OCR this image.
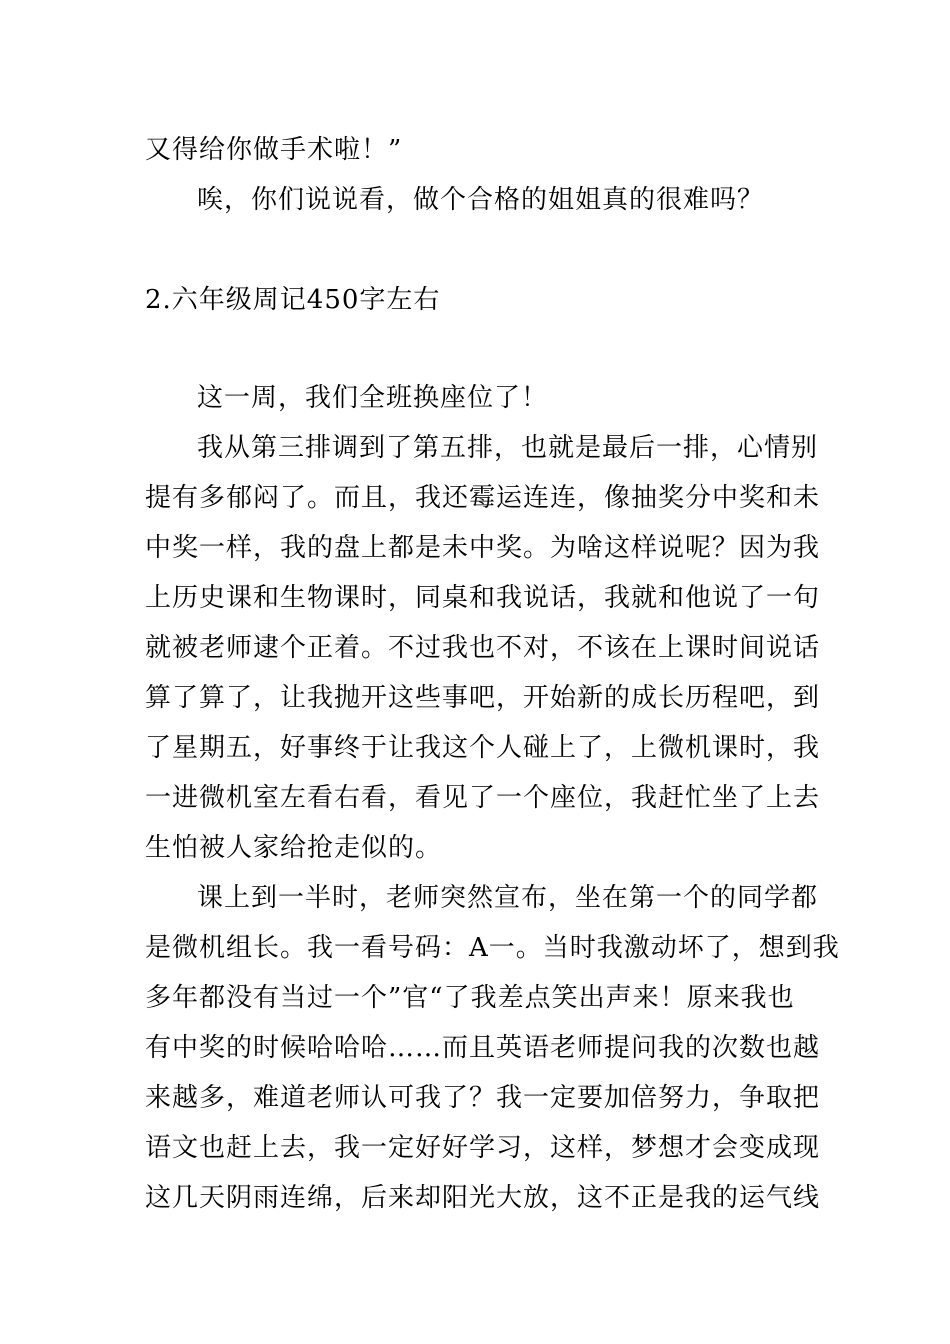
又得给你做手术啦！”
唉，你们说说看，做个合格的姐姐真的很难吗？
2.六年级周记450字左右
这一周，我们全班换座位了！
我从第三排调到了第五排，也就是最后一排，心情别
提有多郁闷了。而且，我还霉运连连，像抽奖分中奖和未
中奖一样，我的盘上都是未中奖。为啥这样说呢？因为我
上历史课和生物课时，同桌和我说话，我就和他说了一句
就被老师逮个正着。不过我也不对，不该在上课时间说话
算了算了，让我抛开这些事吧，开始新的成长历程吧，到
了星期五，好事终于让我这个人碰上了，上微机课时，我
一进微机室左看右看，看见了一个座位，我赶忙坐了上去
生怕被人家给抢走似的。
课上到一半时，老师突然宣布，坐在第一个的同学都
是微机组长。我一看号码：A一。当时我激动坏了，想到我
多年都没有当过一个”官“了我差点笑出声来！原来我也
有中奖的时候哈哈哈……而且英语老师提问我的次数也越
来越多，难道老师认可我了？我一定要加倍努力，争取把
语文也赶上去，我一定好好学习，这样，梦想才会变成现
这几天阴雨连绵，后来却阳光大放，这不正是我的运气线
